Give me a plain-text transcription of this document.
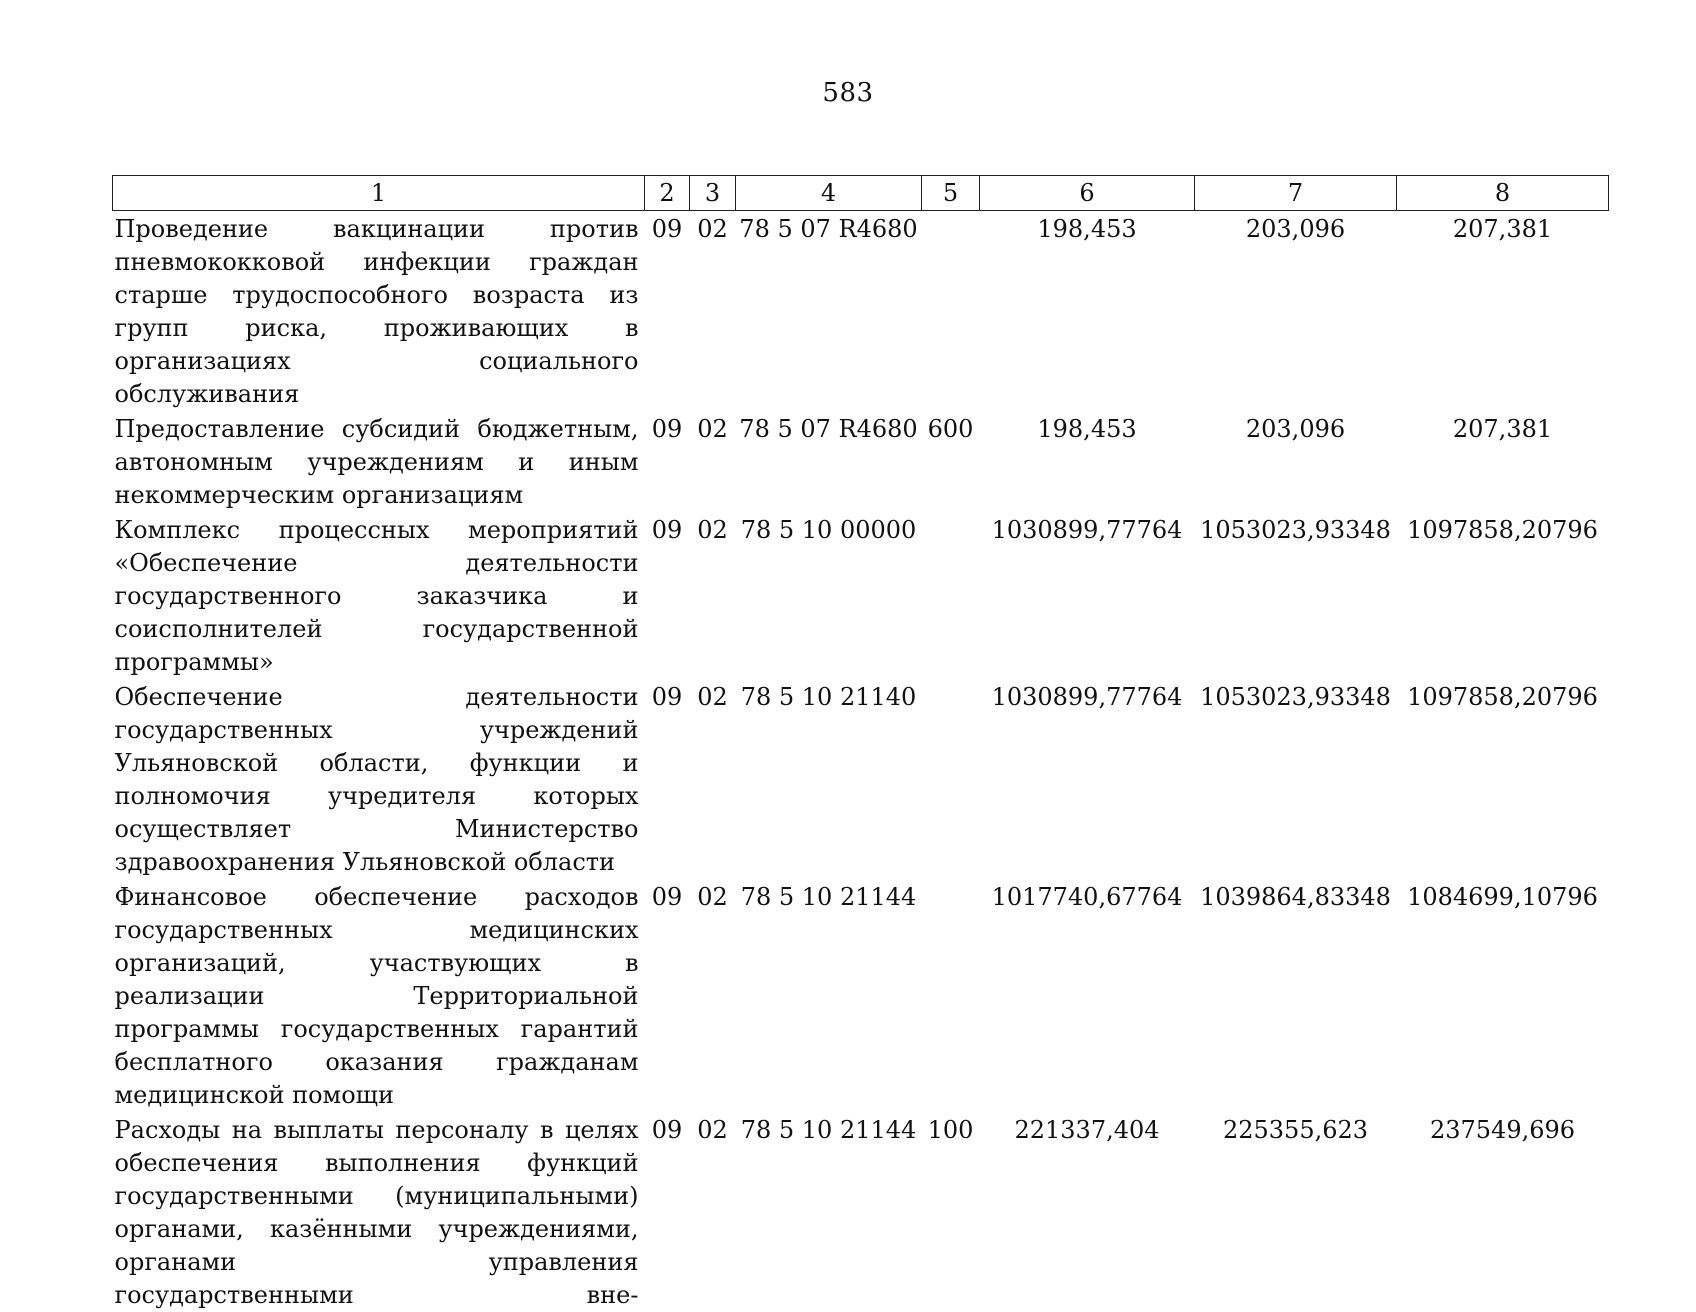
583
1	2	3	4	5	6	7	8
Проведение вакцинации против пневмококковой инфекции граждан старше трудоспособного возраста из групп риска, проживающих в организациях социального обслуживания	09	02	78 5 07 R4680		198,453	203,096	207,381
Предоставление субсидий бюджетным, автономным учреждениям и иным некоммерческим организациям	09	02	78 5 07 R4680	600	198,453	203,096	207,381
Комплекс процессных мероприятий «Обеспечение деятельности государственного заказчика и соисполнителей государственной программы»	09	02	78 5 10 00000		1030899,77764	1053023,93348	1097858,20796
Обеспечение деятельности государственных учреждений Ульяновской области, функции и полномочия учредителя которых осуществляет Министерство здравоохранения Ульяновской области	09	02	78 5 10 21140		1030899,77764	1053023,93348	1097858,20796
Финансовое обеспечение расходов государственных медицинских организаций, участвующих в реализации Территориальной программы государственных гарантий бесплатного оказания гражданам медицинской помощи	09	02	78 5 10 21144		1017740,67764	1039864,83348	1084699,10796
Расходы на выплаты персоналу в целях обеспечения выполнения функций государственными (муниципальными) органами, казёнными учреждениями, органами управления государственными вне-	09	02	78 5 10 21144	100	221337,404	225355,623	237549,696
